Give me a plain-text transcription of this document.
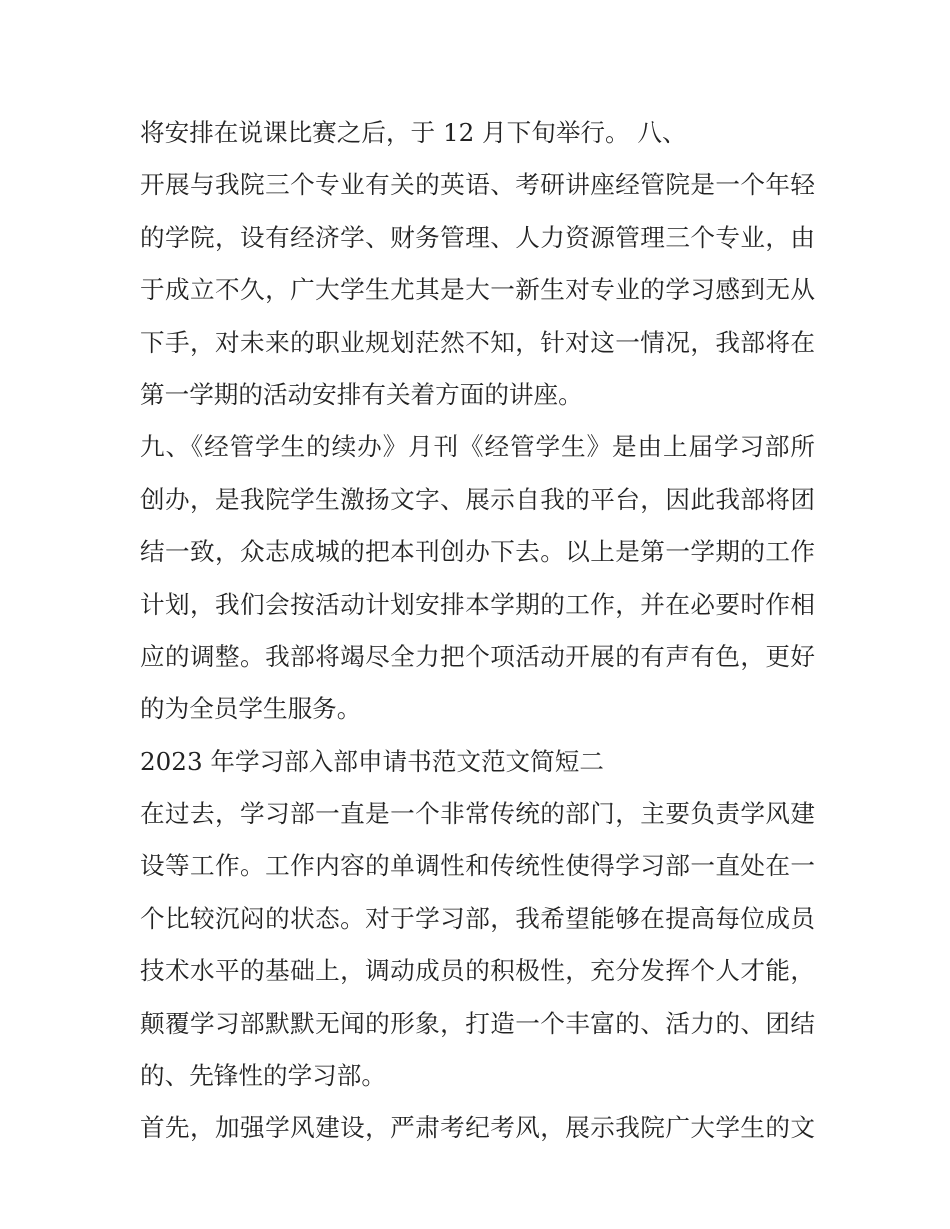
将安排在说课比赛之后，于 12 月下旬举行。 八、
开展与我院三个专业有关的英语、考研讲座经管院是一个年轻
的学院，设有经济学、财务管理、人力资源管理三个专业，由
于成立不久，广大学生尤其是大一新生对专业的学习感到无从
下手，对未来的职业规划茫然不知，针对这一情况，我部将在
第一学期的活动安排有关着方面的讲座。
九、《经管学生的续办》月刊《经管学生》是由上届学习部所
创办，是我院学生激扬文字、展示自我的平台，因此我部将团
结一致，众志成城的把本刊创办下去。以上是第一学期的工作
计划，我们会按活动计划安排本学期的工作，并在必要时作相
应的调整。我部将竭尽全力把个项活动开展的有声有色，更好
的为全员学生服务。
2023 年学习部入部申请书范文范文简短二
在过去，学习部一直是一个非常传统的部门，主要负责学风建
设等工作。工作内容的单调性和传统性使得学习部一直处在一
个比较沉闷的状态。对于学习部，我希望能够在提高每位成员
技术水平的基础上，调动成员的积极性，充分发挥个人才能，
颠覆学习部默默无闻的形象，打造一个丰富的、活力的、团结
的、先锋性的学习部。
首先，加强学风建设，严肃考纪考风，展示我院广大学生的文
